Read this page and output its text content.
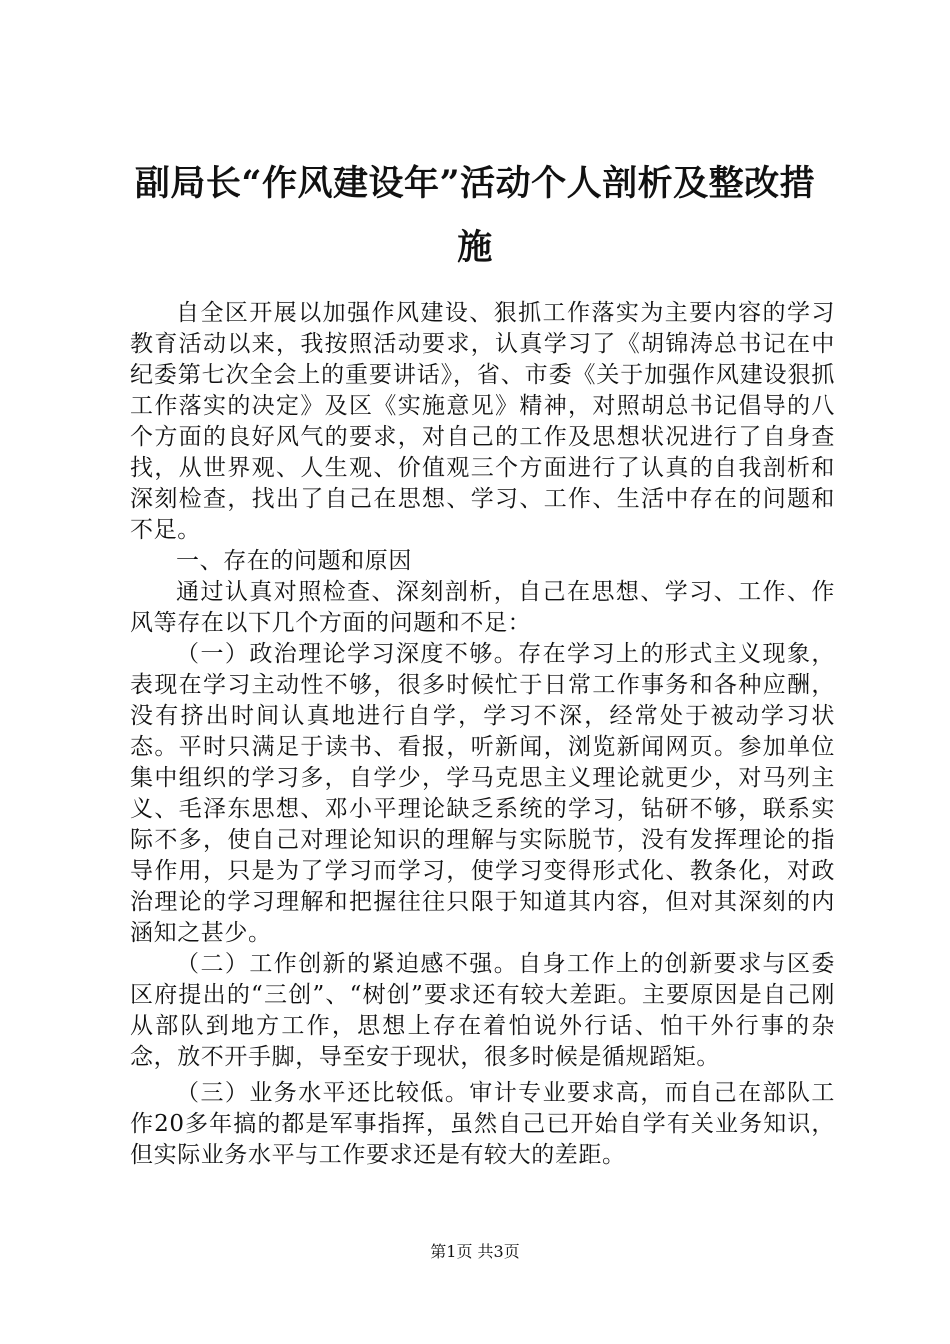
副局长“作风建设年”活动个人剖析及整改措施

自全区开展以加强作风建设、狠抓工作落实为主要内容的学习教育活动以来，我按照活动要求，认真学习了《胡锦涛总书记在中纪委第七次全会上的重要讲话》，省、市委《关于加强作风建设狠抓工作落实的决定》及区《实施意见》精神，对照胡总书记倡导的八个方面的良好风气的要求，对自己的工作及思想状况进行了自身查找，从世界观、人生观、价值观三个方面进行了认真的自我剖析和深刻检查，找出了自己在思想、学习、工作、生活中存在的问题和不足。

一、存在的问题和原因

通过认真对照检查、深刻剖析，自己在思想、学习、工作、作风等存在以下几个方面的问题和不足：

（一）政治理论学习深度不够。存在学习上的形式主义现象，表现在学习主动性不够，很多时候忙于日常工作事务和各种应酬，没有挤出时间认真地进行自学，学习不深，经常处于被动学习状态。平时只满足于读书、看报，听新闻，浏览新闻网页。参加单位集中组织的学习多，自学少，学马克思主义理论就更少，对马列主义、毛泽东思想、邓小平理论缺乏系统的学习，钻研不够，联系实际不多，使自己对理论知识的理解与实际脱节，没有发挥理论的指导作用，只是为了学习而学习，使学习变得形式化、教条化，对政治理论的学习理解和把握往往只限于知道其内容，但对其深刻的内涵知之甚少。

（二）工作创新的紧迫感不强。自身工作上的创新要求与区委区府提出的“三创”、“树创”要求还有较大差距。主要原因是自己刚从部队到地方工作，思想上存在着怕说外行话、怕干外行事的杂念，放不开手脚，导至安于现状，很多时候是循规蹈矩。

（三）业务水平还比较低。审计专业要求高，而自己在部队工作20多年搞的都是军事指挥，虽然自己已开始自学有关业务知识，但实际业务水平与工作要求还是有较大的差距。

第1页 共3页
